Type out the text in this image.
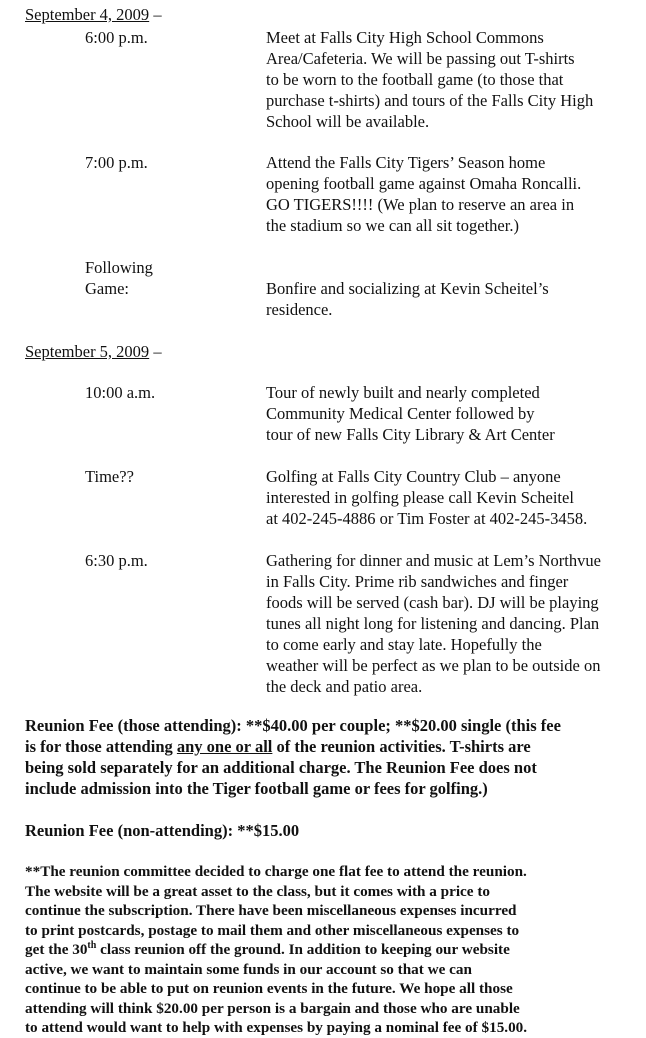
September 4, 2009 –
6:00 p.m.	Meet at Falls City High School Commons
Area/Cafeteria. We will be passing out T-shirts
to be worn to the football game (to those that
purchase t-shirts) and tours of the Falls City High
School will be available.
7:00 p.m.	Attend the Falls City Tigers’ Season home
opening football game against Omaha Roncalli.
GO TIGERS!!!! (We plan to reserve an area in
the stadium so we can all sit together.)
Following
Game:	Bonfire and socializing at Kevin Scheitel’s
residence.
September 5, 2009 –
10:00 a.m.	Tour of newly built and nearly completed
Community Medical Center followed by
tour of new Falls City Library & Art Center
Time??	Golfing at Falls City Country Club – anyone
interested in golfing please call Kevin Scheitel
at 402-245-4886 or Tim Foster at 402-245-3458.
6:30 p.m.	Gathering for dinner and music at Lem’s Northvue
in Falls City. Prime rib sandwiches and finger
foods will be served (cash bar). DJ will be playing
tunes all night long for listening and dancing. Plan
to come early and stay late. Hopefully the
weather will be perfect as we plan to be outside on
the deck and patio area.
Reunion Fee (those attending): **$40.00 per couple; **$20.00 single (this fee
is for those attending any one or all of the reunion activities. T-shirts are
being sold separately for an additional charge. The Reunion Fee does not
include admission into the Tiger football game or fees for golfing.)
Reunion Fee (non-attending): **$15.00
**The reunion committee decided to charge one flat fee to attend the reunion.
The website will be a great asset to the class, but it comes with a price to
continue the subscription. There have been miscellaneous expenses incurred
to print postcards, postage to mail them and other miscellaneous expenses to
get the 30th class reunion off the ground. In addition to keeping our website
active, we want to maintain some funds in our account so that we can
continue to be able to put on reunion events in the future. We hope all those
attending will think $20.00 per person is a bargain and those who are unable
to attend would want to help with expenses by paying a nominal fee of $15.00.
